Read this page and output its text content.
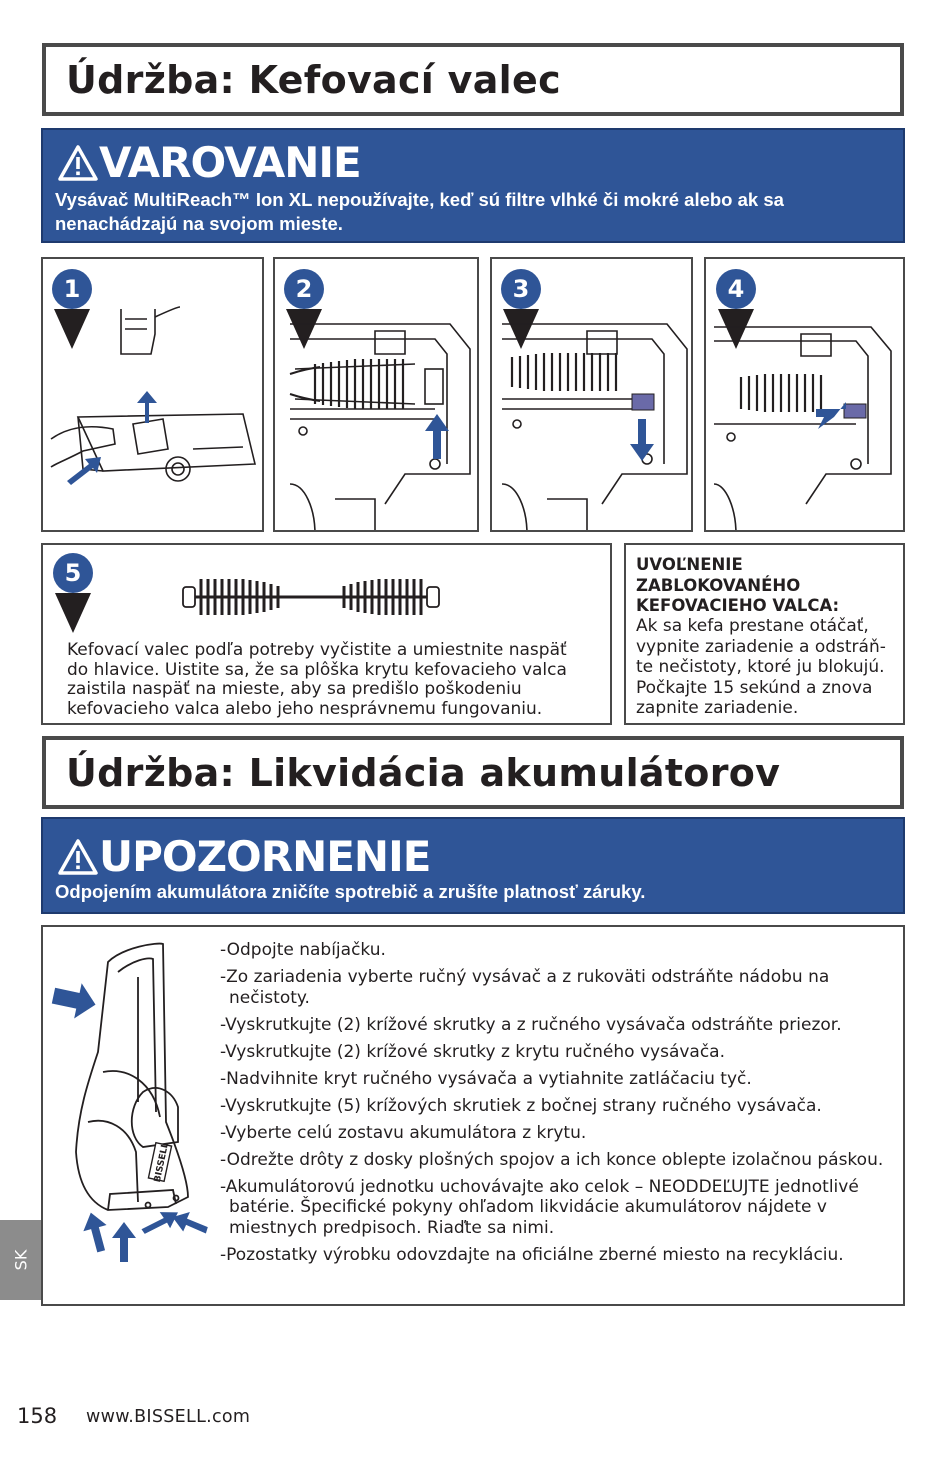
Údržba: Kefovací valec
VAROVANIE
Vysávač MultiReach™ Ion XL nepoužívajte, keď sú filtre vlhké či mokré alebo ak sa
nenachádzajú na svojom mieste.
1	2	3	4
5
Kefovací valec podľa potreby vyčistite a umiestnite naspäť
do hlavice. Uistite sa, že sa plôška krytu kefovacieho valca
zaistila naspäť na mieste, aby sa predišlo poškodeniu
kefovacieho valca alebo jeho nesprávnemu fungovaniu.
UVOĽNENIE
ZABLOKOVANÉHO
KEFOVACIEHO VALCA:
Ak sa kefa prestane otáčať,
vypnite zariadenie a odstráň-
te nečistoty, ktoré ju blokujú.
Počkajte 15 sekúnd a znova
zapnite zariadenie.
Údržba: Likvidácia akumulátorov
UPOZORNENIE
Odpojením akumulátora zničíte spotrebič a zrušíte platnosť záruky.
BISSELL
-Odpojte nabíjačku.
-Zo zariadenia vyberte ručný vysávač a z rukoväti odstráňte nádobu na nečistoty.
-Vyskrutkujte (2) krížové skrutky a z ručného vysávača odstráňte priezor.
-Vyskrutkujte (2) krížové skrutky z krytu ručného vysávača.
-Nadvihnite kryt ručného vysávača a vytiahnite zatláčaciu tyč.
-Vyskrutkujte (5) krížových skrutiek z bočnej strany ručného vysávača.
-Vyberte celú zostavu akumulátora z krytu.
-Odrežte drôty z dosky plošných spojov a ich konce oblepte izolačnou páskou.
-Akumulátorovú jednotku uchovávajte ako celok – NEODDEĽUJTE jednotlivé batérie. Špecifické pokyny ohľadom likvidácie akumulátorov nájdete v miestnych predpisoch. Riaďte sa nimi.
-Pozostatky výrobku odovzdajte na oficiálne zberné miesto na recykláciu.
SK
158 www.BISSELL.com
